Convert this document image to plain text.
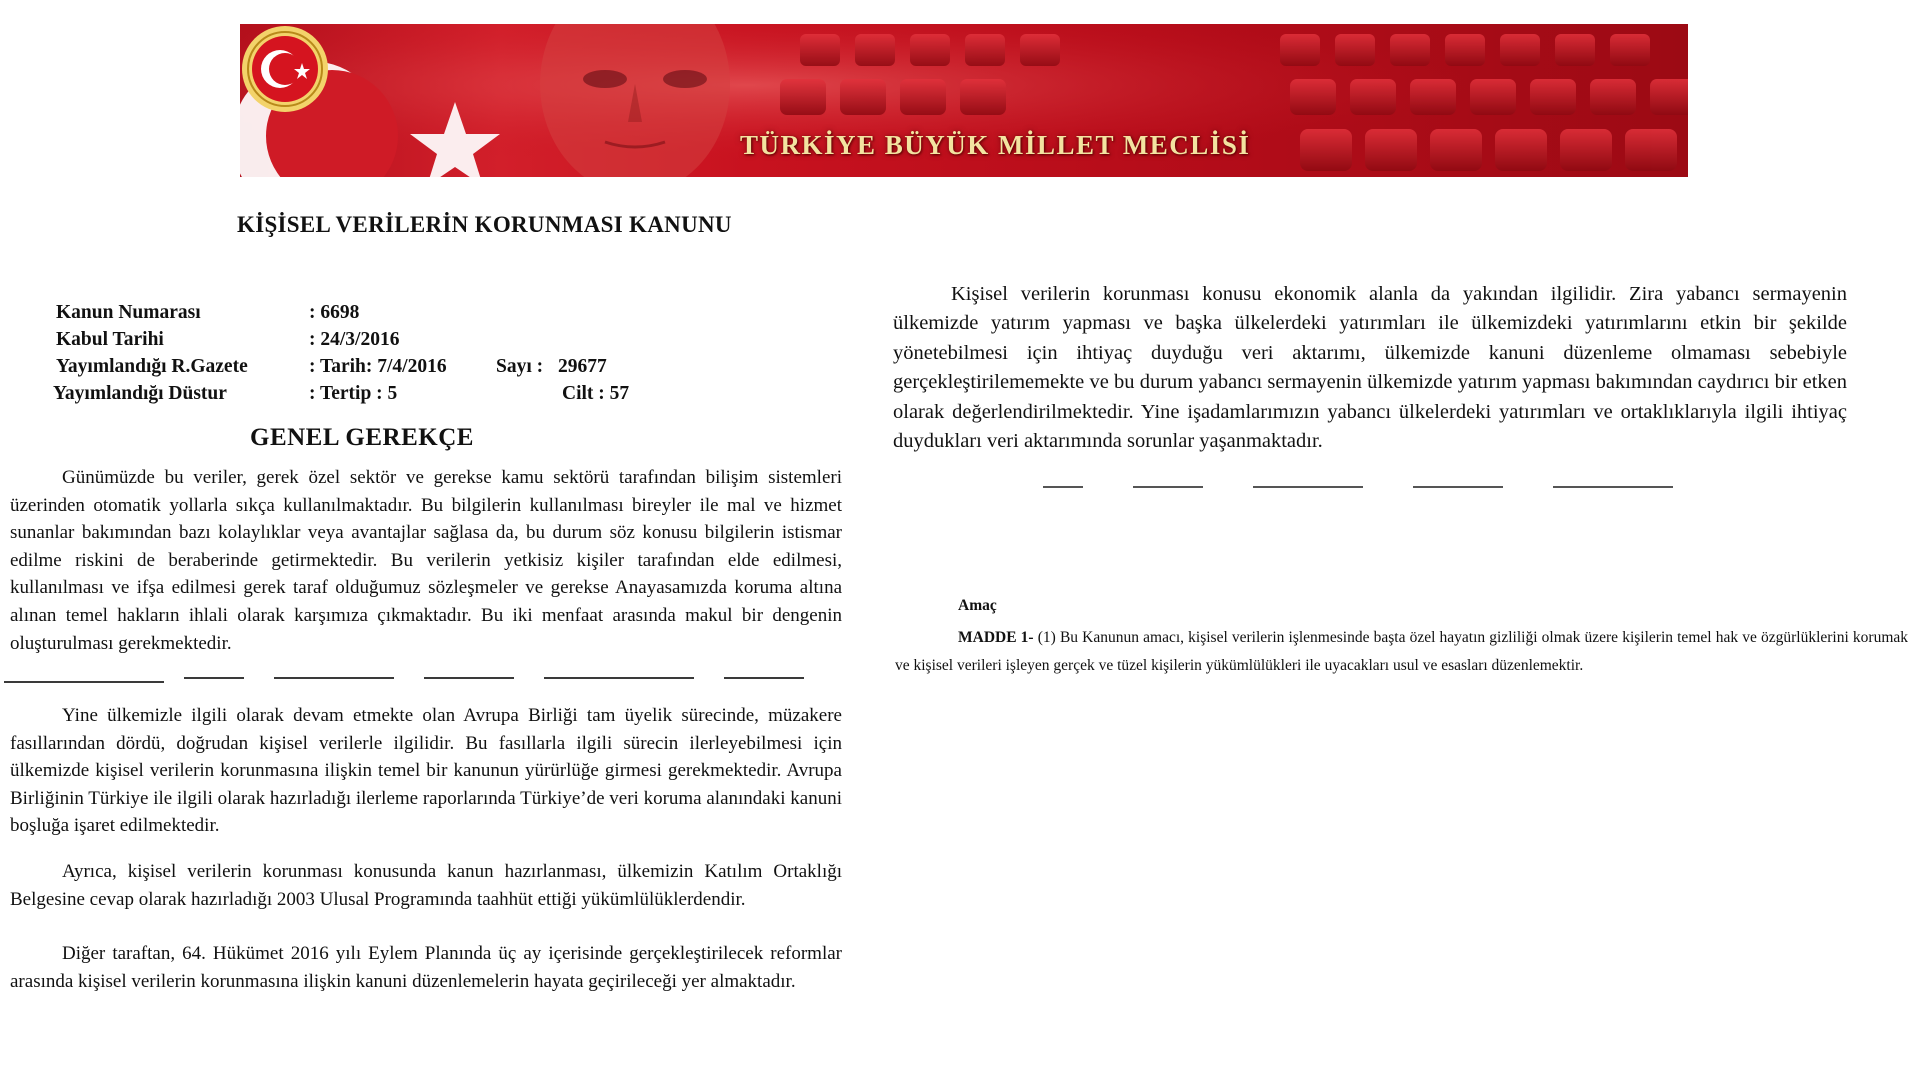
TÜRKİYE BÜYÜK MİLLET MECLİSİ
KİŞİSEL VERİLERİN KORUNMASI KANUNU
Kanun Numarası	: 6698
Kabul Tarihi	: 24/3/2016
Yayımlandığı R.Gazete	: Tarih: 7/4/2016	Sayı : 29677
Yayımlandığı Düstur	: Tertip : 5	Cilt : 57
GENEL GEREKÇE

Günümüzde bu veriler, gerek özel sektör ve gerekse kamu sektörü tarafından bilişim sistemleri üzerinden otomatik yollarla sıkça kullanılmaktadır. Bu bilgilerin kullanılması bireyler ile mal ve hizmet sunanlar bakımından bazı kolaylıklar veya avantajlar sağlasa da, bu durum söz konusu bilgilerin istismar edilme riskini de beraberinde getirmektedir. Bu verilerin yetkisiz kişiler tarafından elde edilmesi, kullanılması ve ifşa edilmesi gerek taraf olduğumuz sözleşmeler ve gerekse Anayasamızda koruma altına alınan temel hakların ihlali olarak karşımıza çıkmaktadır. Bu iki menfaat arasında makul bir dengenin oluşturulması gerekmektedir.

Yine ülkemizle ilgili olarak devam etmekte olan Avrupa Birliği tam üyelik sürecinde, müzakere fasıllarından dördü, doğrudan kişisel verilerle ilgilidir. Bu fasıllarla ilgili sürecin ilerleyebilmesi için ülkemizde kişisel verilerin korunmasına ilişkin temel bir kanunun yürürlüğe girmesi gerekmektedir. Avrupa Birliğinin Türkiye ile ilgili olarak hazırladığı ilerleme raporlarında Türkiye’de veri koruma alanındaki kanuni boşluğa işaret edilmektedir.

Ayrıca, kişisel verilerin korunması konusunda kanun hazırlanması, ülkemizin Katılım Ortaklığı Belgesine cevap olarak hazırladığı 2003 Ulusal Programında taahhüt ettiği yükümlülüklerdendir.

Diğer taraftan, 64. Hükümet 2016 yılı Eylem Planında üç ay içerisinde gerçekleştirilecek reformlar arasında kişisel verilerin korunmasına ilişkin kanuni düzenlemelerin hayata geçirileceği yer almaktadır.

Kişisel verilerin korunması konusu ekonomik alanla da yakından ilgilidir. Zira yabancı sermayenin ülkemizde yatırım yapması ve başka ülkelerdeki yatırımları ile ülkemizdeki yatırımlarını etkin bir şekilde yönetebilmesi için ihtiyaç duyduğu veri aktarımı, ülkemizde kanuni düzenleme olmaması sebebiyle gerçekleştirilememekte ve bu durum yabancı sermayenin ülkemizde yatırım yapması bakımından caydırıcı bir etken olarak değerlendirilmektedir. Yine işadamlarımızın yabancı ülkelerdeki yatırımları ve ortaklıklarıyla ilgili ihtiyaç duydukları veri aktarımında sorunlar yaşanmaktadır.

Amaç

MADDE 1- (1) Bu Kanunun amacı, kişisel verilerin işlenmesinde başta özel hayatın gizliliği olmak üzere kişilerin temel hak ve özgürlüklerini korumak ve kişisel verileri işleyen gerçek ve tüzel kişilerin yükümlülükleri ile uyacakları usul ve esasları düzenlemektir.
